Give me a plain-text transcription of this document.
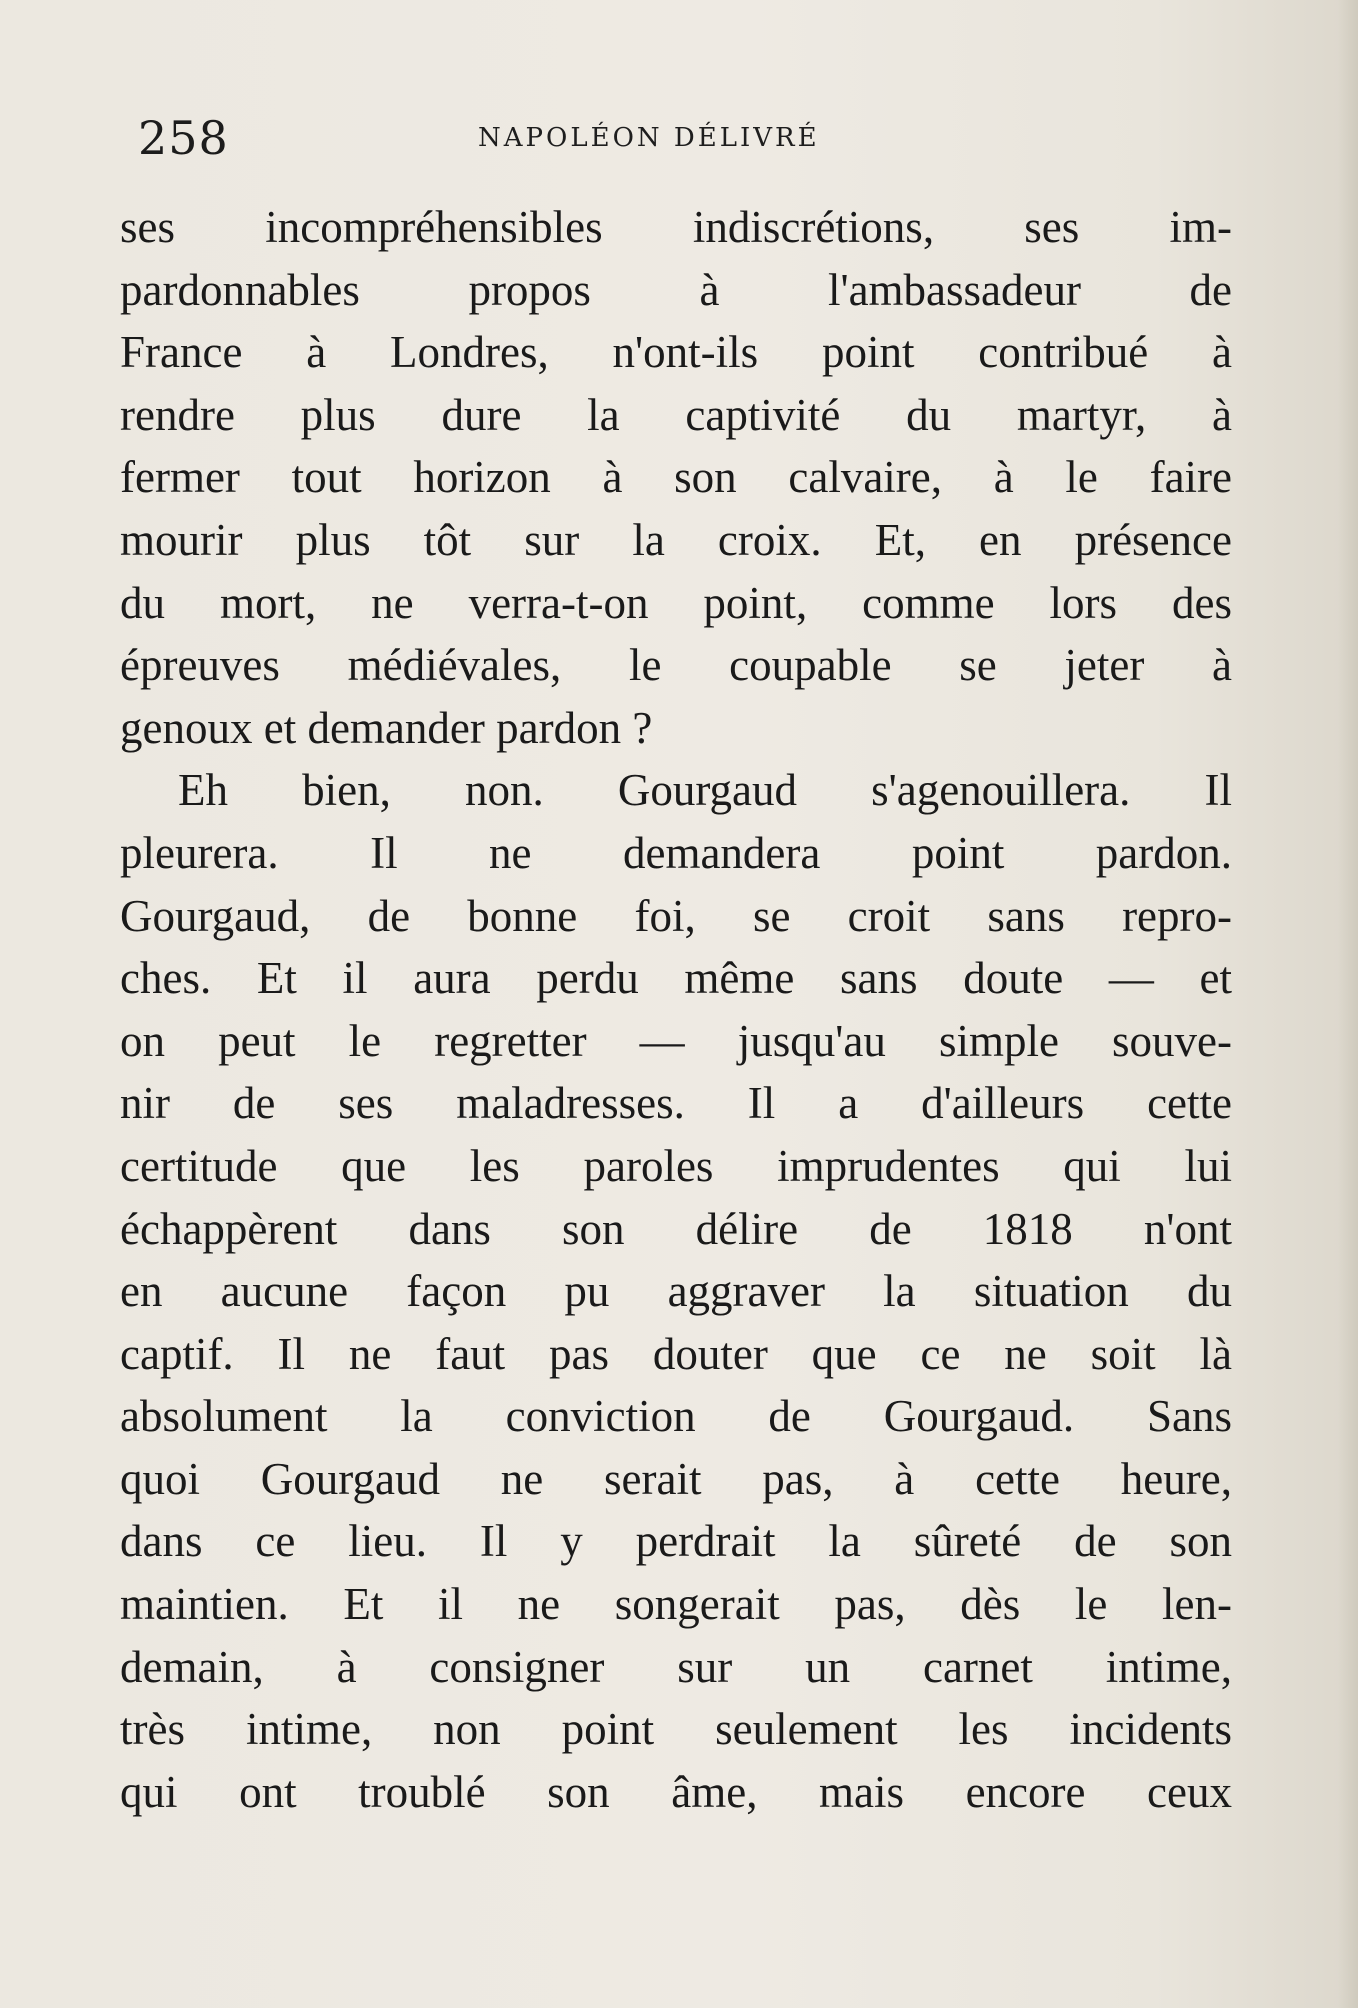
258	NAPOLÉON DÉLIVRÉ
ses incompréhensibles indiscrétions, ses im-
pardonnables propos à l'ambassadeur de
France à Londres, n'ont-ils point contribué à
rendre plus dure la captivité du martyr, à
fermer tout horizon à son calvaire, à le faire
mourir plus tôt sur la croix. Et, en présence
du mort, ne verra-t-on point, comme lors des
épreuves médiévales, le coupable se jeter à
genoux et demander pardon ?
Eh bien, non. Gourgaud s'agenouillera. Il
pleurera. Il ne demandera point pardon.
Gourgaud, de bonne foi, se croit sans repro-
ches. Et il aura perdu même sans doute — et
on peut le regretter — jusqu'au simple souve-
nir de ses maladresses. Il a d'ailleurs cette
certitude que les paroles imprudentes qui lui
échappèrent dans son délire de 1818 n'ont
en aucune façon pu aggraver la situation du
captif. Il ne faut pas douter que ce ne soit là
absolument la conviction de Gourgaud. Sans
quoi Gourgaud ne serait pas, à cette heure,
dans ce lieu. Il y perdrait la sûreté de son
maintien. Et il ne songerait pas, dès le len-
demain, à consigner sur un carnet intime,
très intime, non point seulement les incidents
qui ont troublé son âme, mais encore ceux
